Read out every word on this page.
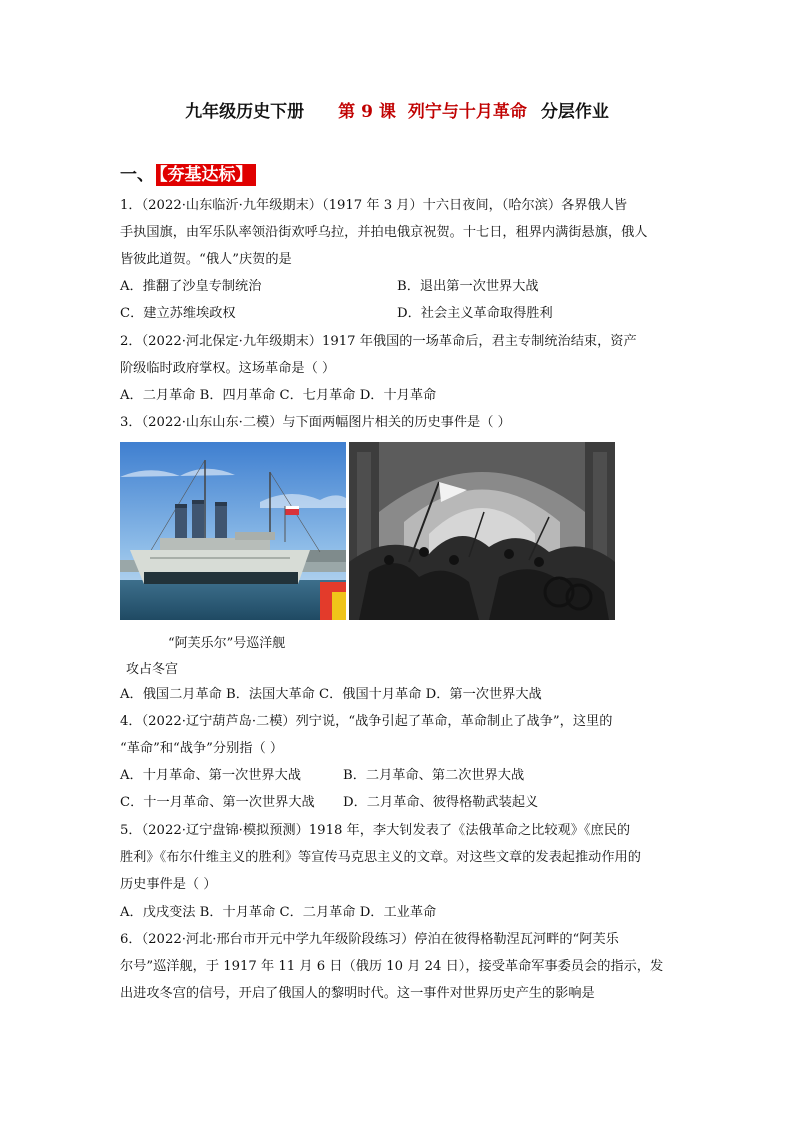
九年级历史下册 第 9 课 列宁与十月革命 分层作业
一、 【夯基达标】
1．（2022·山东临沂·九年级期末）（1917 年 3 月）十六日夜间，（哈尔滨）各界俄人皆
手执国旗，由军乐队率领沿街欢呼乌拉，并拍电俄京祝贺。十七日，租界内满街悬旗，俄人
皆彼此道贺。“俄人”庆贺的是
A．推翻了沙皇专制统治	B．退出第一次世界大战
C．建立苏维埃政权	D．社会主义革命取得胜利
2．（2022·河北保定·九年级期末）1917 年俄国的一场革命后，君主专制统治结束，资产
阶级临时政府掌权。这场革命是（ ）
A．二月革命 B．四月革命 C．七月革命 D．十月革命
3．（2022·山东山东·二模）与下面两幅图片相关的历史事件是（ ）
“阿芙乐尔”号巡洋舰
攻占冬宫
A．俄国二月革命 B．法国大革命 C．俄国十月革命 D．第一次世界大战
4．（2022·辽宁葫芦岛·二模）列宁说，“战争引起了革命，革命制止了战争”，这里的
“革命”和“战争”分别指（ ）
A．十月革命、第一次世界大战	B．二月革命、第二次世界大战
C．十一月革命、第一次世界大战 D．二月革命、彼得格勒武装起义
5．（2022·辽宁盘锦·模拟预测）1918 年，李大钊发表了《法俄革命之比较观》《庶民的
胜利》《布尔什维主义的胜利》等宣传马克思主义的文章。对这些文章的发表起推动作用的
历史事件是（ ）
A．戊戌变法 B．十月革命 C．二月革命 D．工业革命
6．（2022·河北·邢台市开元中学九年级阶段练习）停泊在彼得格勒涅瓦河畔的“阿芙乐
尔号”巡洋舰，于 1917 年 11 月 6 日（俄历 10 月 24 日），接受革命军事委员会的指示，发
出进攻冬宫的信号，开启了俄国人的黎明时代。这一事件对世界历史产生的影响是
